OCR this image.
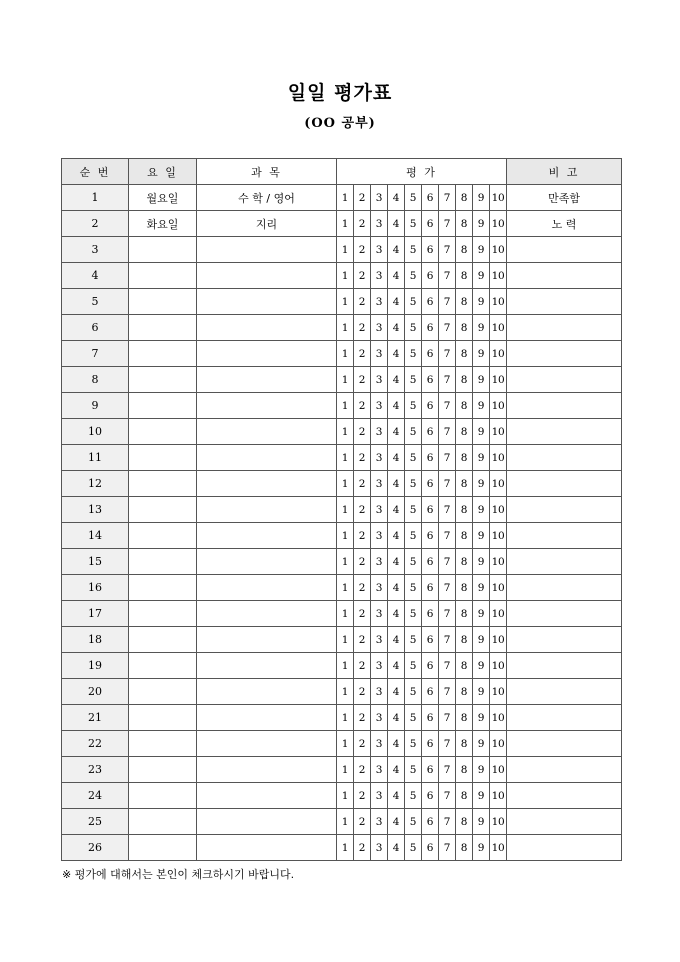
일일 평가표
(OO 공부)
순 번	요 일	과 목	평 가										비 고
1	월요일	수 학 / 영어	1	2	3	4	5	6	7	8	9	10	만족함
2	화요일	지리	1	2	3	4	5	6	7	8	9	10	노 력
3			1	2	3	4	5	6	7	8	9	10	
4			1	2	3	4	5	6	7	8	9	10	
5			1	2	3	4	5	6	7	8	9	10	
6			1	2	3	4	5	6	7	8	9	10	
7			1	2	3	4	5	6	7	8	9	10	
8			1	2	3	4	5	6	7	8	9	10	
9			1	2	3	4	5	6	7	8	9	10	
10			1	2	3	4	5	6	7	8	9	10	
11			1	2	3	4	5	6	7	8	9	10	
12			1	2	3	4	5	6	7	8	9	10	
13			1	2	3	4	5	6	7	8	9	10	
14			1	2	3	4	5	6	7	8	9	10	
15			1	2	3	4	5	6	7	8	9	10	
16			1	2	3	4	5	6	7	8	9	10	
17			1	2	3	4	5	6	7	8	9	10	
18			1	2	3	4	5	6	7	8	9	10	
19			1	2	3	4	5	6	7	8	9	10	
20			1	2	3	4	5	6	7	8	9	10	
21			1	2	3	4	5	6	7	8	9	10	
22			1	2	3	4	5	6	7	8	9	10	
23			1	2	3	4	5	6	7	8	9	10	
24			1	2	3	4	5	6	7	8	9	10	
25			1	2	3	4	5	6	7	8	9	10	
26			1	2	3	4	5	6	7	8	9	10	
※ 평가에 대해서는 본인이 체크하시기 바랍니다.
